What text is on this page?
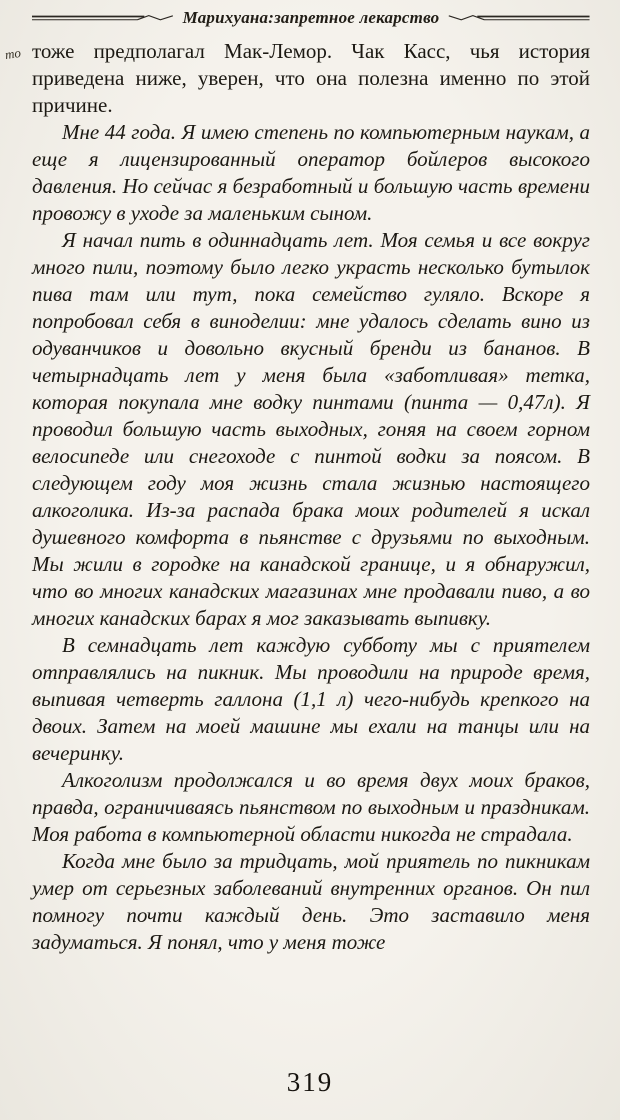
Марихуана:запретное лекарство
то тоже предполагал Мак-Лемор. Чак Касс, чья история приведена ниже, уверен, что она полезна именно по этой причине.

Мне 44 года. Я имею степень по компьютерным наукам, а еще я лицензированный оператор бойлеров высокого давления. Но сейчас я безработный и большую часть времени провожу в уходе за маленьким сыном.

Я начал пить в одиннадцать лет. Моя семья и все вокруг много пили, поэтому было легко украсть несколько бутылок пива там или тут, пока семейство гуляло. Вскоре я попробовал себя в виноделии: мне удалось сделать вино из одуванчиков и довольно вкусный бренди из бананов. В четырнадцать лет у меня была «заботливая» тетка, которая покупала мне водку пинтами (пинта — 0,47л). Я проводил большую часть выходных, гоняя на своем горном велосипеде или снегоходе с пинтой водки за поясом. В следующем году моя жизнь стала жизнью настоящего алкоголика. Из-за распада брака моих родителей я искал душевного комфорта в пьянстве с друзьями по выходным. Мы жили в городке на канадской границе, и я обнаружил, что во многих канадских магазинах мне продавали пиво, а во многих канадских барах я мог заказывать выпивку.

В семнадцать лет каждую субботу мы с приятелем отправлялись на пикник. Мы проводили на природе время, выпивая четверть галлона (1,1 л) чего-нибудь крепкого на двоих. Затем на моей машине мы ехали на танцы или на вечеринку.

Алкоголизм продолжался и во время двух моих браков, правда, ограничиваясь пьянством по выходным и праздникам. Моя работа в компьютерной области никогда не страдала.

Когда мне было за тридцать, мой приятель по пикникам умер от серьезных заболеваний внутренних органов. Он пил помногу почти каждый день. Это заставило меня задуматься. Я понял, что у меня тоже

319
